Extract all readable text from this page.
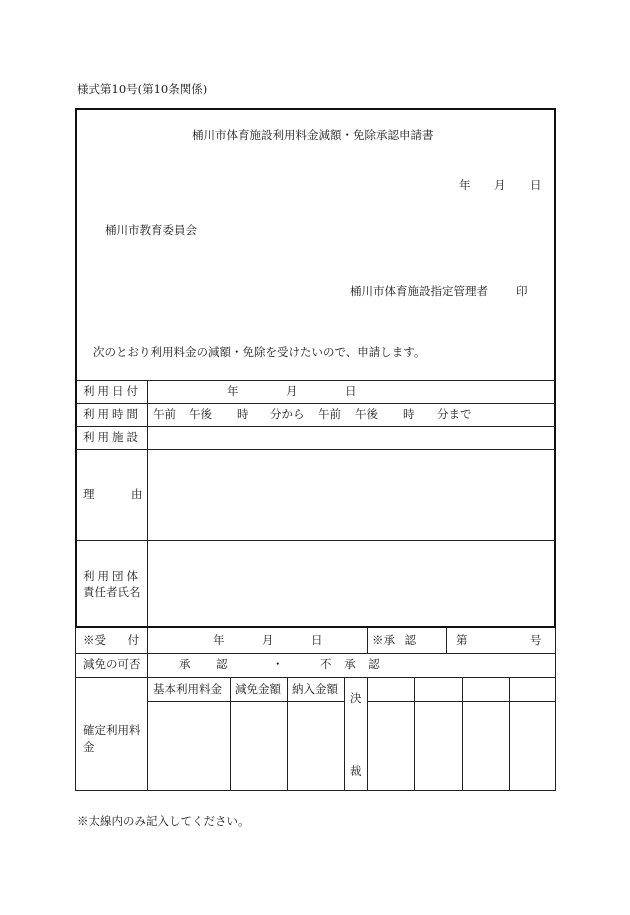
様式第10号(第10条関係)
桶川市体育施設利用料金減額・免除承認申請書
年 月 日
桶川市教育委員会
桶川市体育施設指定管理者 印
次のとおり利用料金の減額・免除を受けたいので、申請します。
利用日付	年	月	日
利用時間 午前 午後 時 分から 午前 午後 時 分まで
利用施設
理	由
利用団体
責任者氏名
※受 付	年	月	日	※承 認	第	号
減免の可否	承 認	・	不 承 認
確定利用料金
基本利用料金 減免金額 納入金額
決
裁
※太線内のみ記入してください。
